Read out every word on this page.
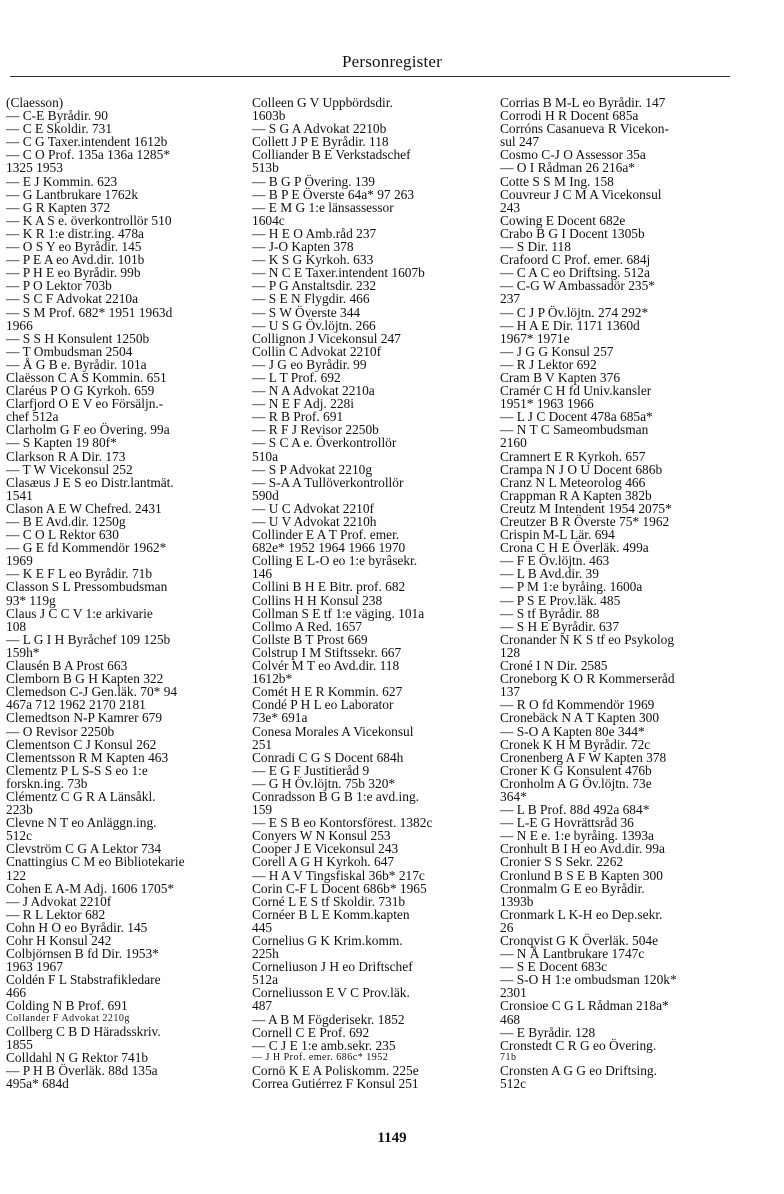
Personregister
(Claesson)
— C-E Byrådir. 90
— C E Skoldir. 731
— C G Taxer.intendent 1612b
— C O Prof. 135a 136a 1285*
1325 1953
— E J Kommin. 623
— G Lantbrukare 1762k
— G R Kapten 372
— K A S e. överkontrollör 510
— K R 1:e distr.ing. 478a
— O S Y eo Byrådir. 145
— P E A eo Avd.dir. 101b
— P H E eo Byrådir. 99b
— P O Lektor 703b
— S C F Advokat 2210a
— S M Prof. 682* 1951 1963d
1966
— S S H Konsulent 1250b
— T Ombudsman 2504
— Å G B e. Byrådir. 101a
Claësson C A S Kommin. 651
Claréus P O G Kyrkoh. 659
Clarfjord O E V eo Försäljn.-
chef 512a
Clarholm G F eo Övering. 99a
— S Kapten 19 80f*
Clarkson R A Dir. 173
— T W Vicekonsul 252
Clasæus J E S eo Distr.lantmät.
1541
Clason A E W Chefred. 2431
— B E Avd.dir. 1250g
— C O L Rektor 630
— G E fd Kommendör 1962*
1969
— K E F L eo Byrådir. 71b
Classon S L Pressombudsman
93* 119g
Claus J C C V 1:e arkivarie
108
— L G I H Byråchef 109 125b
159h*
Clausén B A Prost 663
Clemborn B G H Kapten 322
Clemedson C-J Gen.läk. 70* 94
467a 712 1962 2170 2181
Clemedtson N-P Kamrer 679
— O Revisor 2250b
Clementson C J Konsul 262
Clementsson R M Kapten 463
Clementz P L S-S S eo 1:e
forskn.ing. 73b
Clémentz C G R A Länsåkl.
223b
Clevne N T eo Anläggn.ing.
512c
Clevström C G A Lektor 734
Cnattingius C M eo Bibliotekarie
122
Cohen E A-M Adj. 1606 1705*
— J Advokat 2210f
— R L Lektor 682
Cohn H O eo Byrådir. 145
Cohr H Konsul 242
Colbjörnsen B fd Dir. 1953*
1963 1967
Coldén F L Stabstrafikledare
466
Colding N B Prof. 691
Collander F Advokat 2210g
Collberg C B D Häradsskriv.
1855
Colldahl N G Rektor 741b
— P H B Överläk. 88d 135a
495a* 684d
Colleen G V Uppbördsdir.
1603b
— S G A Advokat 2210b
Collett J P E Byrådir. 118
Colliander B E Verkstadschef
513b
— B G P Övering. 139
— B P E Överste 64a* 97 263
— E M G 1:e länsassessor
1604c
— H E O Amb.råd 237
— J-O Kapten 378
— K S G Kyrkoh. 633
— N C E Taxer.intendent 1607b
— P G Anstaltsdir. 232
— S E N Flygdir. 466
— S W Överste 344
— U S G Öv.löjtn. 266
Collignon J Vicekonsul 247
Collin C Advokat 2210f
— J G eo Byrådir. 99
— L T Prof. 692
— N A Advokat 2210a
— N E F Adj. 228i
— R B Prof. 691
— R F J Revisor 2250b
— S C A e. Överkontrollör
510a
— S P Advokat 2210g
— S-A A Tullöverkontrollör
590d
— U C Advokat 2210f
— U V Advokat 2210h
Collinder E A T Prof. emer.
682e* 1952 1964 1966 1970
Colling E L-O eo 1:e byrâsekr.
146
Collini B H E Bitr. prof. 682
Collins H H Konsul 238
Collman S E tf 1:e väging. 101a
Collmo A Red. 1657
Collste B T Prost 669
Colstrup I M Stiftssekr. 667
Colvér M T eo Avd.dir. 118
1612b*
Comét H E R Kommin. 627
Condé P H L eo Laborator
73e* 691a
Conesa Morales A Vicekonsul
251
Conradi C G S Docent 684h
— E G F Justitieråd 9
— G H Öv.löjtn. 75b 320*
Conradsson B G B 1:e avd.ing.
159
— E S B eo Kontorsförest. 1382c
Conyers W N Konsul 253
Cooper J E Vicekonsul 243
Corell A G H Kyrkoh. 647
— H A V Tingsfiskal 36b* 217c
Corin C-F L Docent 686b* 1965
Corné L E S tf Skoldir. 731b
Cornéer B L E Komm.kapten
445
Cornelius G K Krim.komm.
225h
Corneliuson J H eo Driftschef
512a
Corneliusson E V C Prov.läk.
487
— A B M Fögderisekr. 1852
Cornell C E Prof. 692
— C J E 1:e amb.sekr. 235
— J H Prof. emer. 686c* 1952
Cornö K E A Poliskomm. 225e
Correa Gutiérrez F Konsul 251
Corrias B M-L eo Byrådir. 147
Corrodi H R Docent 685a
Corróns Casanueva R Vicekon-
sul 247
Cosmo C-J O Assessor 35a
— O I Rådman 26 216a*
Cotte S S M Ing. 158
Couvreur J C M A Vicekonsul
243
Cowing E Docent 682e
Crabo B G I Docent 1305b
— S Dir. 118
Crafoord C Prof. emer. 684j
— C A C eo Driftsing. 512a
— C-G W Ambassadör 235*
237
— C J P Öv.löjtn. 274 292*
— H A E Dir. 1171 1360d
1967* 1971e
— J G G Konsul 257
— R J Lektor 692
Cram B V Kapten 376
Cramér C H fd Univ.kansler
1951* 1963 1966
— L J C Docent 478a 685a*
— N T C Sameombudsman
2160
Cramnert E R Kyrkoh. 657
Crampa N J O U Docent 686b
Cranz N L Meteorolog 466
Crappman R A Kapten 382b
Creutz M Intendent 1954 2075*
Creutzer B R Överste 75* 1962
Crispin M-L Lär. 694
Crona C H E Överläk. 499a
— F E Öv.löjtn. 463
— L B Avd.dir. 39
— P M 1:e byråing. 1600a
— P S E Prov.läk. 485
— S tf Byrådir. 88
— S H E Byrådir. 637
Cronander N K S tf eo Psykolog
128
Croné I N Dir. 2585
Croneborg K O R Kommerseråd
137
— R O fd Kommendör 1969
Cronebäck N A T Kapten 300
— S-O A Kapten 80e 344*
Cronek K H M Byrådir. 72c
Cronenberg A F W Kapten 378
Croner K G Konsulent 476b
Cronholm A G Öv.löjtn. 73e
364*
— L B Prof. 88d 492a 684*
— L-E G Hovrättsråd 36
— N E e. 1:e byråing. 1393a
Cronhult B I H eo Avd.dir. 99a
Cronier S S Sekr. 2262
Cronlund B S E B Kapten 300
Cronmalm G E eo Byrådir.
1393b
Cronmark L K-H eo Dep.sekr.
26
Cronqvist G K Överläk. 504e
— N Å Lantbrukare 1747c
— S E Docent 683c
— S-O H 1:e ombudsman 120k*
2301
Cronsioe C G L Rådman 218a*
468
— E Byrådir. 128
Cronstedt C R G eo Övering.
71b
Cronsten A G G eo Driftsing.
512c
1149
